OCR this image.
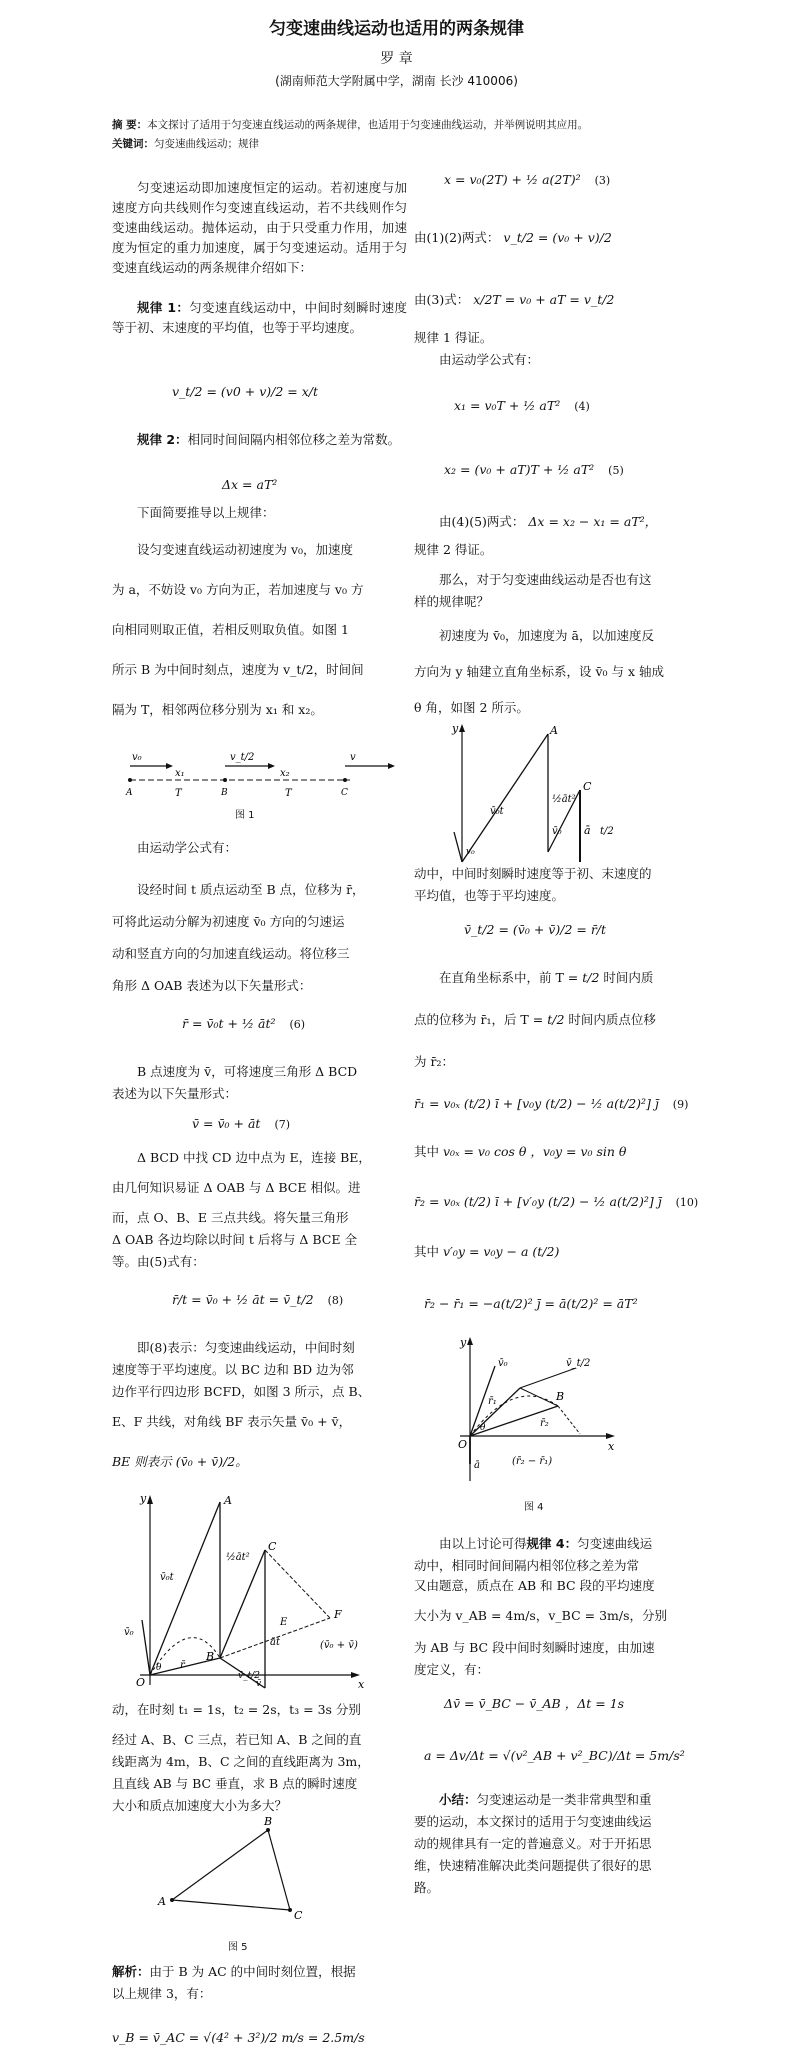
匀变速曲线运动也适用的两条规律
罗 章
(湖南师范大学附属中学，湖南 长沙 410006)
摘 要：本文探讨了适用于匀变速直线运动的两条规律，也适用于匀变速曲线运动，并举例说明其应用。
关键词：匀变速曲线运动；规律

匀变速运动即加速度恒定的运动。若初速度与加速度方向共线则作匀变速直线运动，若不共线则作匀变速曲线运动。抛体运动，由于只受重力作用，加速度为恒定的重力加速度，属于匀变速运动。适用于匀变速直线运动的两条规律介绍如下：

规律 1：匀变速直线运动中，中间时刻瞬时速度等于初、末速度的平均值，也等于平均速度。

v_t/2 = (v0 + v)/2 = x/t

规律 2：相同时间间隔内相邻位移之差为常数。

Δx = aT²

下面简要推导以上规律：

设匀变速直线运动初速度为 v₀，加速度

为 a，不妨设 v₀ 方向为正，若加速度与 v₀ 方

向相同则取正值，若相反则取负值。如图 1

所示 B 为中间时刻点，速度为 v_t/2，时间间

隔为 T，相邻两位移分别为 x₁ 和 x₂。

v₀
x₁
v_t/2
x₂
v
A	T	B	T	C
图 1

由运动学公式有：

设经时间 t 质点运动至 B 点，位移为 r̄，

可将此运动分解为初速度 v̄₀ 方向的匀速运

动和竖直方向的匀加速直线运动。将位移三

角形 Δ OAB 表述为以下矢量形式：

r̄ = v̄₀t + ½ āt² (6)

B 点速度为 v̄，可将速度三角形 Δ BCD

表述为以下矢量形式：

v̄ = v̄₀ + āt (7)

Δ BCD 中找 CD 边中点为 E，连接 BE，

由几何知识易证 Δ OAB 与 Δ BCE 相似。进

而，点 O、B、E 三点共线。将矢量三角形

Δ OAB 各边均除以时间 t 后将与 Δ BCE 全

等。由(5)式有：

r̄/t = v̄₀ + ½ āt = v̄_t/2 (8)

即(8)表示：匀变速曲线运动，中间时刻

速度等于平均速度。以 BC 边和 BD 边为邻

边作平行四边形 BCFD，如图 3 所示，点 B、

E、F 共线，对角线 BF 表示矢量 v̄₀ + v̄，

BE 则表示 (v̄₀ + v̄)/2。

y	A
v̄₀t
½āt²
C
v̄₀
E
F
(v̄₀ + v̄)
āt
B
r̄
O
θ
v̄_t/2
v̄	x

动，在时刻 t₁ = 1s，t₂ = 2s，t₃ = 3s 分别

经过 A、B、C 三点，若已知 A、B 之间的直

线距离为 4m，B、C 之间的直线距离为 3m，

且直线 AB 与 BC 垂直，求 B 点的瞬时速度

大小和质点加速度大小为多大？

B
A
C
图 5

解析：由于 B 为 AC 的中间时刻位置，根据

以上规律 3，有：

v_B = v̄_AC = √(4² + 3²)/2 m/s = 2.5m/s
x = v₀(2T) + ½ a(2T)² (3)
由(1)(2)两式： v_t/2 = (v₀ + v)/2
由(3)式： x/2T = v₀ + aT = v_t/2

规律 1 得证。

由运动学公式有：

x₁ = v₀T + ½ aT² (4)
x₂ = (v₀ + aT)T + ½ aT² (5)
由(4)(5)两式： Δx = x₂ − x₁ = aT²，

规律 2 得证。

那么，对于匀变速曲线运动是否也有这

样的规律呢？

初速度为 v̄₀，加速度为 ā，以加速度反

方向为 y 轴建立直角坐标系，设 v̄₀ 与 x 轴成

θ 角，如图 2 所示。

y	A
v̄₀t
½āt²
C
v̄₀ ā t/2
v₀

动中，中间时刻瞬时速度等于初、末速度的

平均值，也等于平均速度。

v̄_t/2 = (v̄₀ + v̄)/2 = r̄/t
在直角坐标系中，前 T = t/2 时间内质
点的位移为 r̄₁，后 T = t/2 时间内质点位移

为 r̄₂：

r̄₁ = v₀ₓ (t/2) ī + [v₀y (t/2) − ½ a(t/2)²] j̄ (9)
其中 v₀ₓ = v₀ cos θ ，v₀y = v₀ sin θ
r̄₂ = v₀ₓ (t/2) ī + [v′₀y (t/2) − ½ a(t/2)²] j̄ (10)
其中 v′₀y = v₀y − a (t/2)
r̄₂ − r̄₁ = −a(t/2)² j̄ = ā(t/2)² = āT²
y
v̄₀	v̄_t/2
r̄₁	B
θ
O
r̄₂
x
ā	(r̄₂ − r̄₁)
图 4

由以上讨论可得规律 4：匀变速曲线运

动中，相同时间间隔内相邻位移之差为常

又由题意，质点在 AB 和 BC 段的平均速度

大小为 v_AB = 4m/s，v_BC = 3m/s，分别

为 AB 与 BC 段中间时刻瞬时速度，由加速

度定义，有：

Δv̄ = v̄_BC − v̄_AB ，Δt = 1s
a = Δv/Δt = √(v²_AB + v²_BC)/Δt = 5m/s²

小结：匀变速运动是一类非常典型和重

要的运动，本文探讨的适用于匀变速曲线运

动的规律具有一定的普遍意义。对于开拓思

维，快速精准解决此类问题提供了很好的思

路。
